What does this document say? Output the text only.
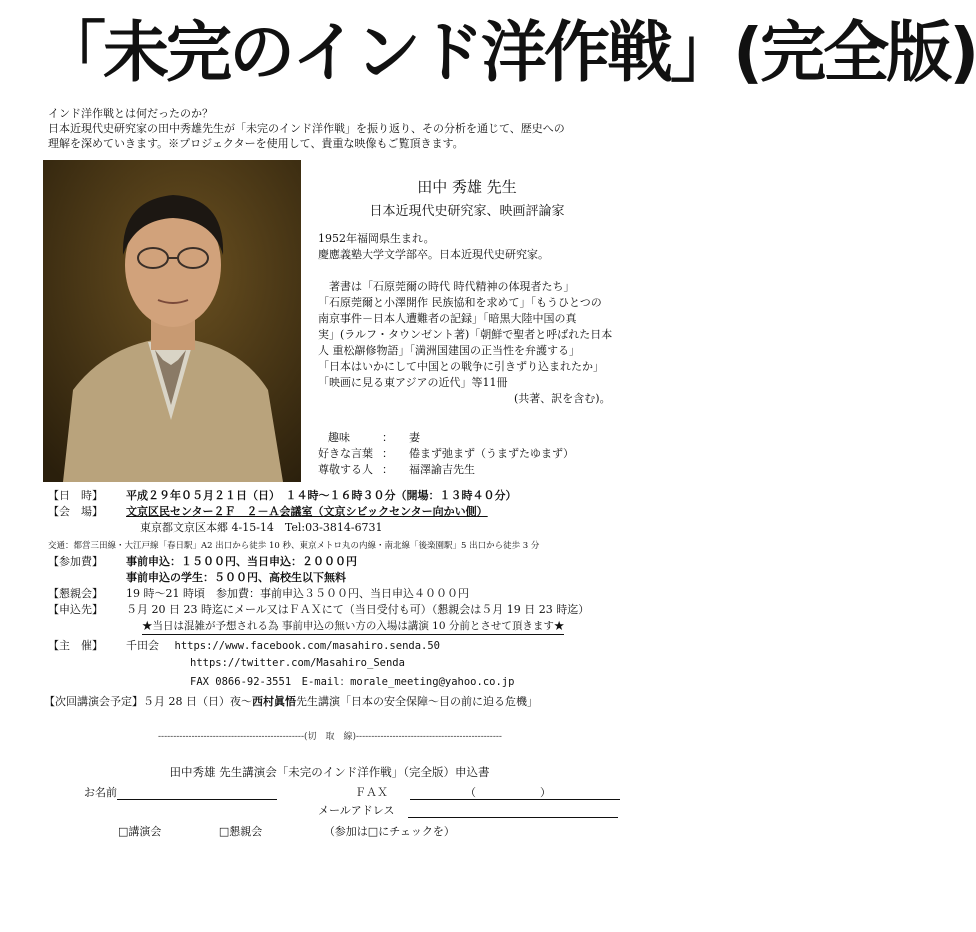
「未完のインド洋作戦」(完全版)
インド洋作戦とは何だったのか？
日本近現代史研究家の田中秀雄先生が「未完のインド洋作戦」を振り返り、その分析を通じて、歴史への
理解を深めていきます。※プロジェクターを使用して、貴重な映像もご覧頂きます。
田中 秀雄 先生
日本近現代史研究家、映画評論家
1952年福岡県生まれ。
慶應義塾大学文学部卒。日本近現代史研究家。
　著書は「石原莞爾の時代 時代精神の体現者たち」
「石原莞爾と小澤開作 民族協和を求めて」「もうひとつの
南京事件－日本人遭難者の記録」「暗黒大陸中国の真
実」(ラルフ・タウンゼント著)「朝鮮で聖者と呼ばれた日本
人 重松髜修物語」「満洲国建国の正当性を弁護する」
「日本はいかにして中国との戦争に引きずり込まれたか」
「映画に見る東アジアの近代」等11冊
(共著、訳を含む)。
趣味	： 妻
好きな言葉 ： 倦まず弛まず（うまずたゆまず）
尊敬する人 ： 福澤諭吉先生
【日　時】 平成２９年０５月２１日（日）　１４時～１６時３０分（開場：１３時４０分）
【会　場】 文京区民センター２Ｆ　２－Ａ会議室（文京シビックセンター向かい側）
東京都文京区本郷 4-15-14　Tel:03-3814-6731
交通：都営三田線・大江戸線「春日駅」A2 出口から徒歩 10 秒、東京メトロ丸の内線・南北線「後楽園駅」5 出口から徒歩 3 分
【参加費】 事前申込：１５００円、当日申込：２０００円
事前申込の学生：５００円、高校生以下無料
【懇親会】 19 時～21 時頃　参加費：事前申込３５００円、当日申込４０００円
【申込先】 ５月 20 日 23 時迄にメール又はＦＡＸにて（当日受付も可）（懇親会は５月 19 日 23 時迄）
★当日は混雑が予想される為 事前申込の無い方の入場は講演 10 分前とさせて頂きます★
【主　催】 千田会 https://www.facebook.com/masahiro.senda.50
https://twitter.com/Masahiro_Senda
FAX 0866-92-3551　E-mail：morale_meeting@yahoo.co.jp
【次回講演会予定】５月 28 日（日）夜～西村眞悟先生講演「日本の安全保障～目の前に迫る危機」
------------------------------------------------(切　取　線)------------------------------------------------
田中秀雄 先生講演会「未完のインド洋作戦」（完全版）申込書
お名前	ＦＡＸ	（	）
メールアドレス
□講演会	□懇親会	（参加は□にチェックを）
